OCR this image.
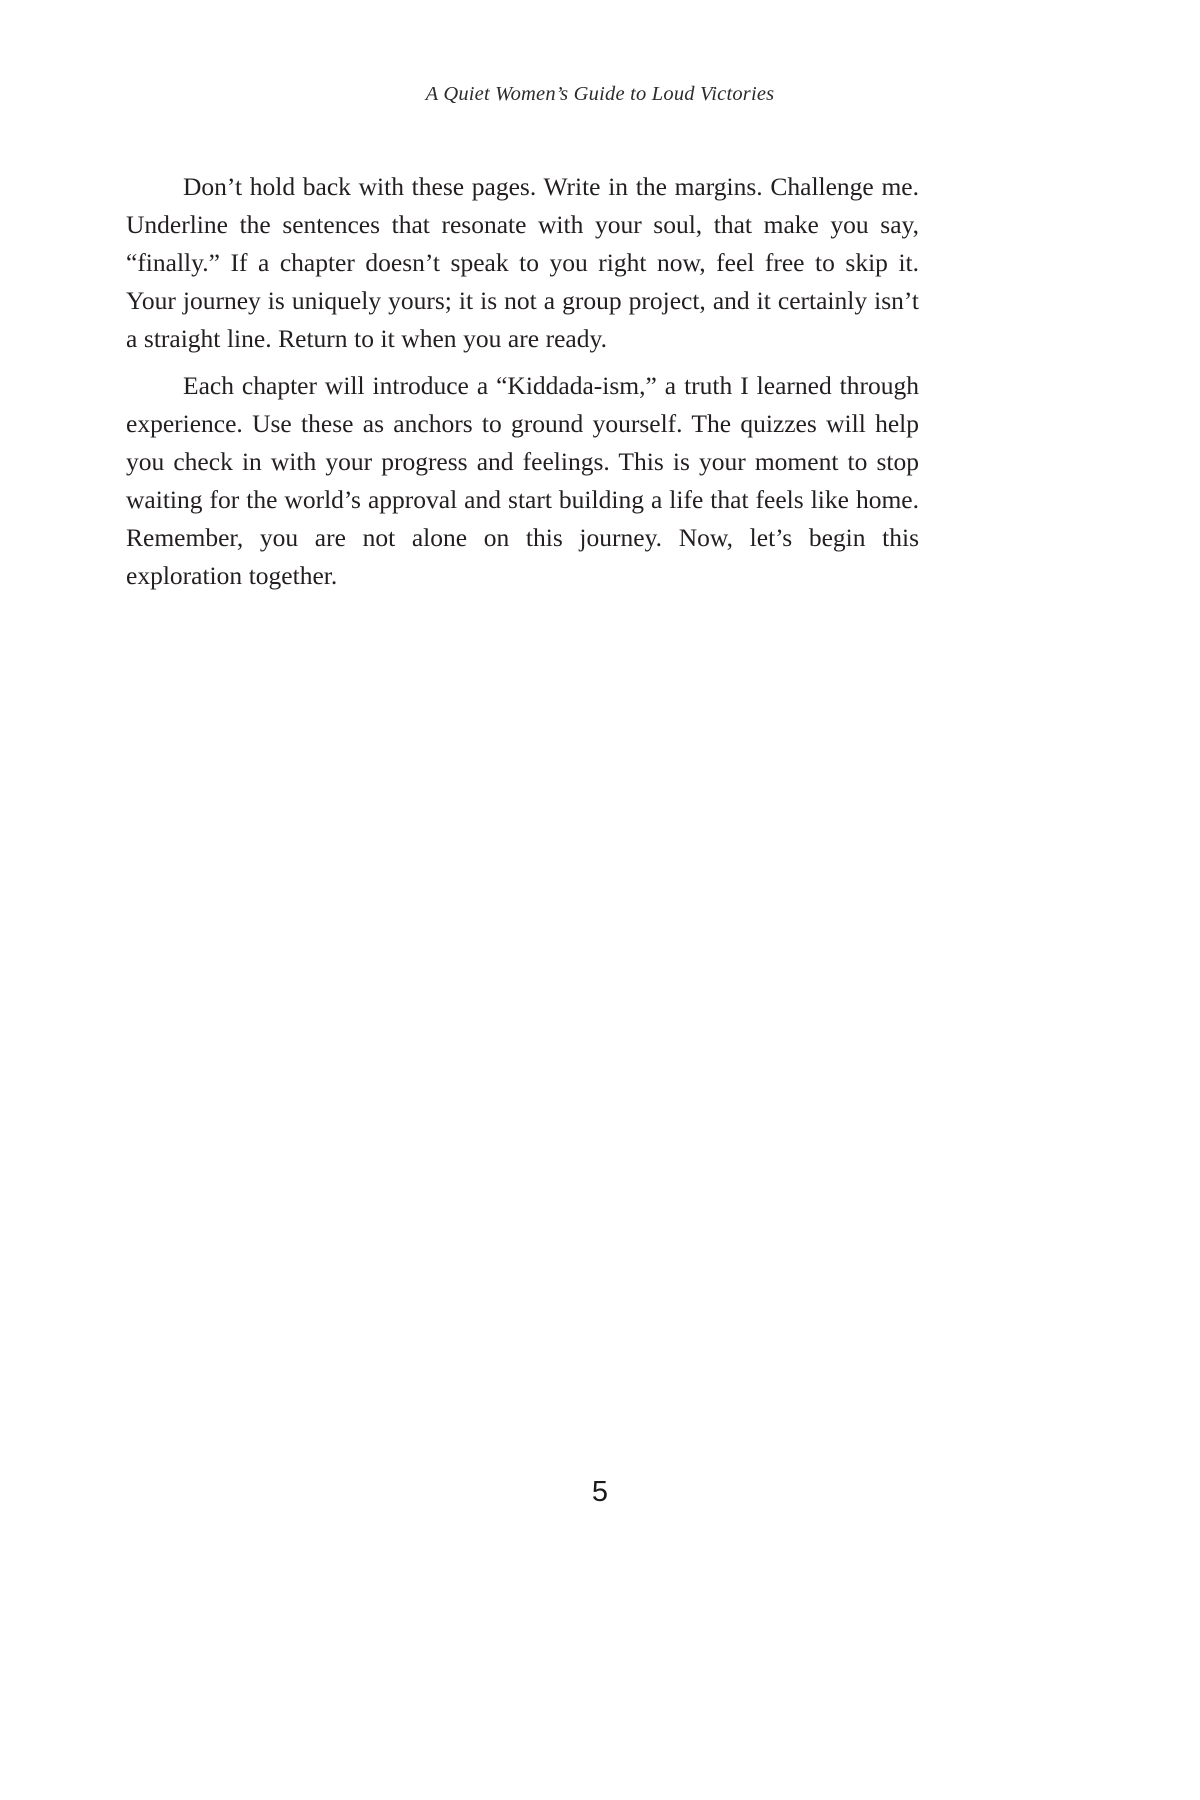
A Quiet Women’s Guide to Loud Victories

Don’t hold back with these pages. Write in the margins. Challenge me. Underline the sentences that resonate with your soul, that make you say, “finally.” If a chapter doesn’t speak to you right now, feel free to skip it. Your journey is uniquely yours; it is not a group project, and it certainly isn’t a straight line. Return to it when you are ready.

Each chapter will introduce a “Kiddada-ism,” a truth I learned through experience. Use these as anchors to ground yourself. The quizzes will help you check in with your progress and feelings. This is your moment to stop waiting for the world’s approval and start building a life that feels like home. Remember, you are not alone on this journey. Now, let’s begin this exploration together.

5
